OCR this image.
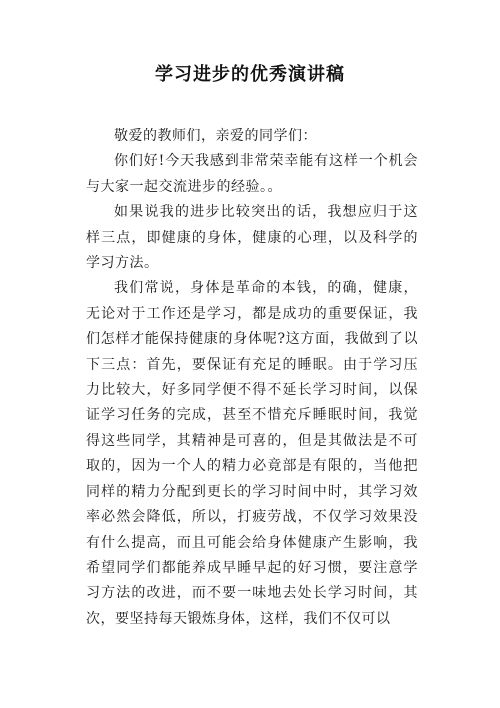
学习进步的优秀演讲稿

敬爱的教师们，亲爱的同学们：

你们好!今天我感到非常荣幸能有这样一个机会与大家一起交流进步的经验。。

如果说我的进步比较突出的话，我想应归于这样三点，即健康的身体，健康的心理，以及科学的学习方法。

我们常说，身体是革命的本钱，的确，健康，无论对于工作还是学习，都是成功的重要保证，我们怎样才能保持健康的身体呢?这方面，我做到了以下三点：首先，要保证有充足的睡眠。由于学习压力比较大，好多同学便不得不延长学习时间，以保证学习任务的完成，甚至不惜充斥睡眠时间，我觉得这些同学，其精神是可喜的，但是其做法是不可取的，因为一个人的精力必竟部是有限的，当他把同样的精力分配到更长的学习时间中时，其学习效率必然会降低，所以，打疲劳战，不仅学习效果没有什么提高，而且可能会给身体健康产生影响，我希望同学们都能养成早睡早起的好习惯，要注意学习方法的改进，而不要一味地去处长学习时间，其次，要坚持每天锻炼身体，这样，我们不仅可以
